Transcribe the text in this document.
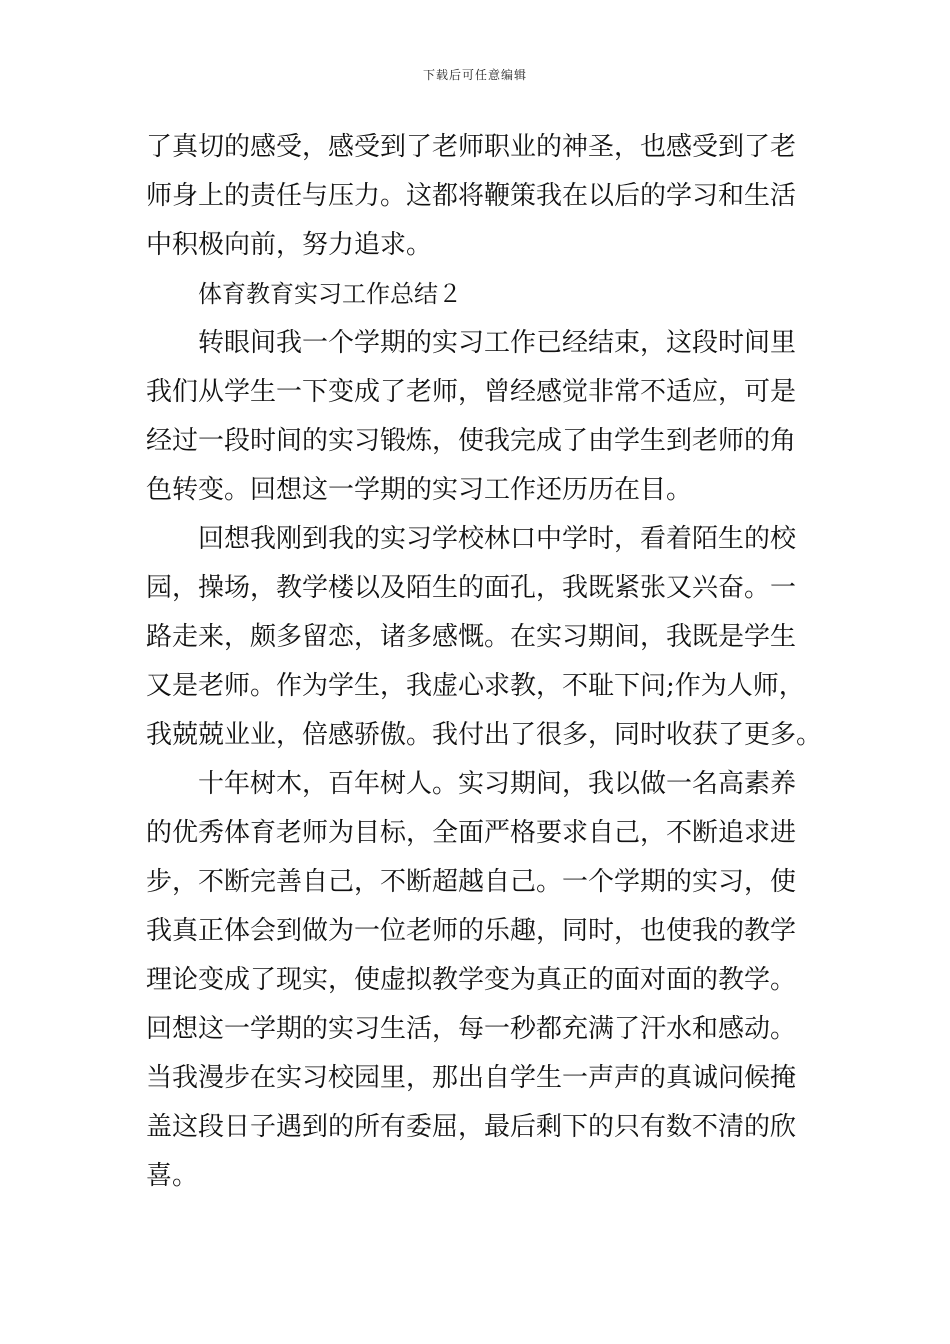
下载后可任意编辑
了真切的感受，感受到了老师职业的神圣，也感受到了老
师身上的责任与压力。这都将鞭策我在以后的学习和生活
中积极向前，努力追求。
体育教育实习工作总结２
转眼间我一个学期的实习工作已经结束，这段时间里
我们从学生一下变成了老师，曾经感觉非常不适应，可是
经过一段时间的实习锻炼，使我完成了由学生到老师的角
色转变。回想这一学期的实习工作还历历在目。
回想我刚到我的实习学校林口中学时，看着陌生的校
园，操场，教学楼以及陌生的面孔，我既紧张又兴奋。一
路走来，颇多留恋，诸多感慨。在实习期间，我既是学生
又是老师。作为学生，我虚心求教，不耻下问;作为人师，
我兢兢业业，倍感骄傲。我付出了很多，同时收获了更多。
十年树木，百年树人。实习期间，我以做一名高素养
的优秀体育老师为目标，全面严格要求自己，不断追求进
步，不断完善自己，不断超越自己。一个学期的实习，使
我真正体会到做为一位老师的乐趣，同时，也使我的教学
理论变成了现实，使虚拟教学变为真正的面对面的教学。
回想这一学期的实习生活，每一秒都充满了汗水和感动。
当我漫步在实习校园里，那出自学生一声声的真诚问候掩
盖这段日子遇到的所有委屈，最后剩下的只有数不清的欣
喜。
